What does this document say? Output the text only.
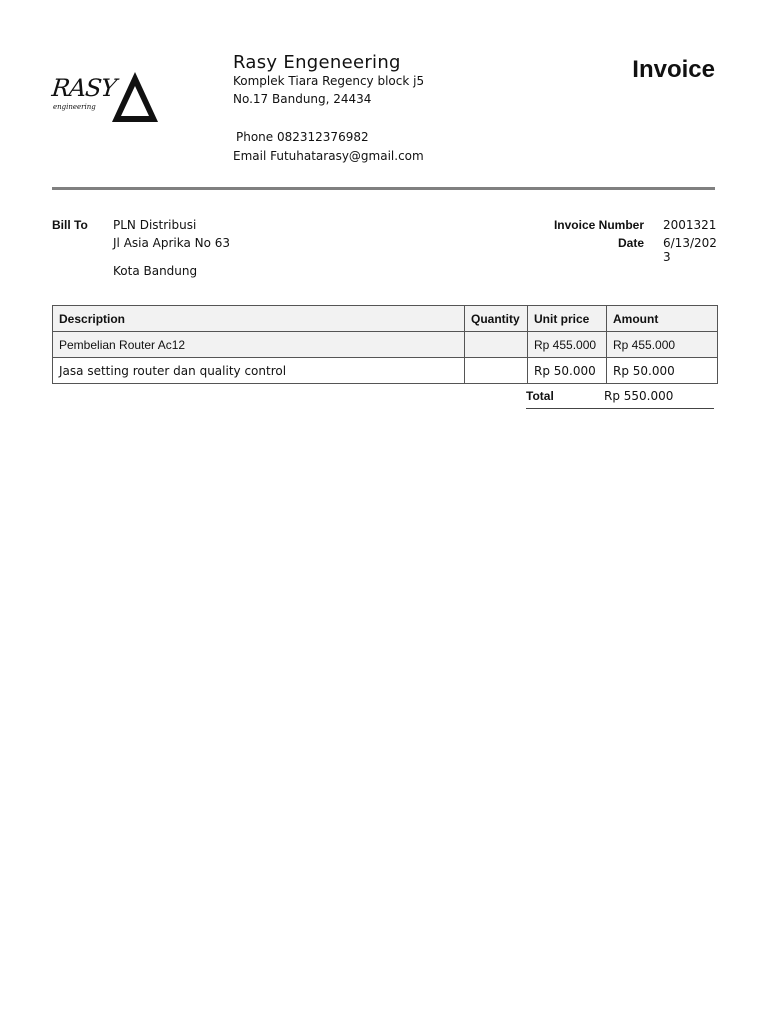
RASY
engineering
Rasy Engeneering
Komplek Tiara Regency block j5
No.17 Bandung, 24434
Phone 082312376982
Email Futuhatarasy@gmail.com
Invoice
Bill To PLN Distribusi
Jl Asia Aprika No 63
Kota Bandung
Invoice Number 2001321
Date 6/13/2023
Description	Quantity	Unit price	Amount
Pembelian Router Ac12		Rp 455.000	Rp 455.000
Jasa setting router dan quality control		Rp 50.000	Rp 50.000
Total	Rp 550.000
